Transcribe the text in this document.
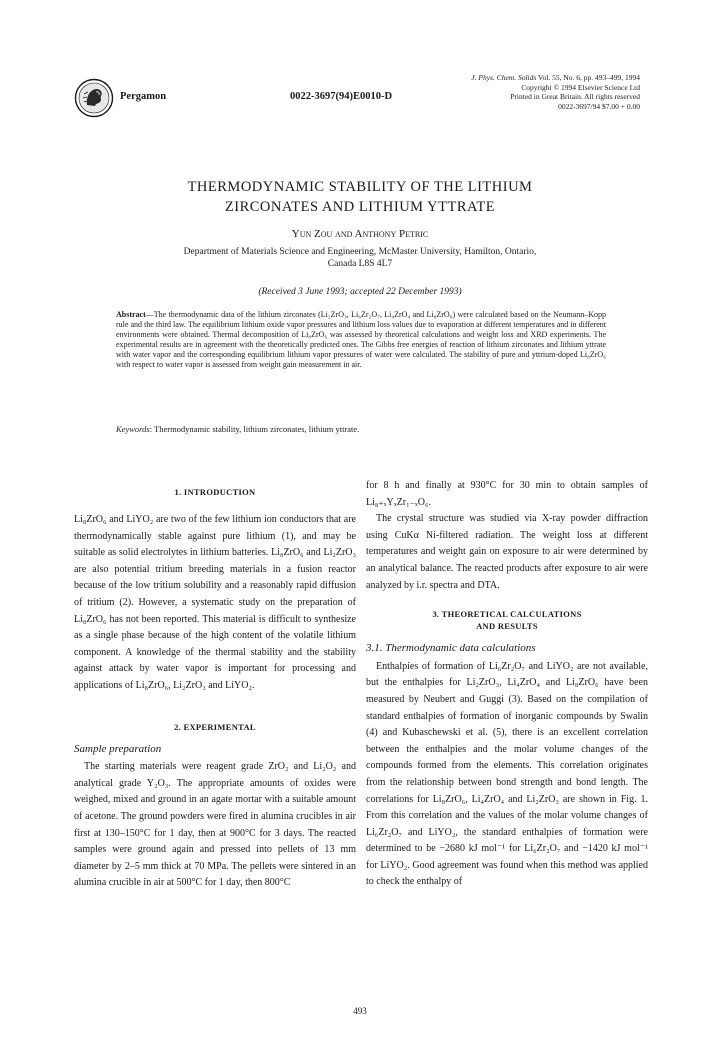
Pergamon	0022-3697(94)E0010-D
J. Phys. Chem. Solids Vol. 55, No. 6, pp. 493–499, 1994
Copyright © 1994 Elsevier Science Ltd
Printed in Great Britain. All rights reserved
0022-3697/94 $7.00 + 0.00
THERMODYNAMIC STABILITY OF THE LITHIUM
ZIRCONATES AND LITHIUM YTTRATE
Yun Zou and Anthony Petric
Department of Materials Science and Engineering, McMaster University, Hamilton, Ontario,
Canada L8S 4L7
(Received 3 June 1993; accepted 22 December 1993)
Abstract—The thermodynamic data of the lithium zirconates (Li₂ZrO₃, Li₆Zr₂O₇, Li₄ZrO₄ and Li₈ZrO₆) were calculated based on the Neumann–Kopp rule and the third law. The equilibrium lithium oxide vapor pressures and lithium loss values due to evaporation at different temperatures and in different environments were obtained. Thermal decomposition of Li₈ZrO₆ was assessed by theoretical calculations and weight loss and XRD experiments. The experimental results are in agreement with the theoretically predicted ones. The Gibbs free energies of reaction of lithium zirconates and lithium yttrate with water vapor and the corresponding equilibrium lithium vapor pressures of water were calculated. The stability of pure and yttrium-doped Li₈ZrO₆ with respect to water vapor is assessed from weight gain measurement in air.
Keywords: Thermodynamic stability, lithium zirconates, lithium yttrate.
1. INTRODUCTION

Li₈ZrO₆ and LiYO₂ are two of the few lithium ion conductors that are thermodynamically stable against pure lithium (1), and may be suitable as solid electrolytes in lithium batteries. Li₈ZrO₆ and Li₂ZrO₃ are also potential tritium breeding materials in a fusion reactor because of the low tritium solubility and a reasonably rapid diffusion of tritium (2). However, a systematic study on the preparation of Li₈ZrO₆ has not been reported. This material is difficult to synthesize as a single phase because of the high content of the volatile lithium component. A knowledge of the thermal stability and the stability against attack by water vapor is important for processing and applications of Li₈ZrO₆, Li₂ZrO₃ and LiYO₂.

2. EXPERIMENTAL
Sample preparation

The starting materials were reagent grade ZrO₂ and Li₂O₂ and analytical grade Y₂O₃. The appropriate amounts of oxides were weighed, mixed and ground in an agate mortar with a suitable amount of acetone. The ground powders were fired in alumina crucibles in air first at 130–150°C for 1 day, then at 900°C for 3 days. The reacted samples were ground again and pressed into pellets of 13 mm diameter by 2–5 mm thick at 70 MPa. The pellets were sintered in an alumina crucible in air at 500°C for 1 day, then 800°C

for 8 h and finally at 930°C for 30 min to obtain samples of Li₈₊ₓYₓZr₁₋ₓO₆.

The crystal structure was studied via X-ray powder diffraction using CuKα Ni-filtered radiation. The weight loss at different temperatures and weight gain on exposure to air were determined by an analytical balance. The reacted products after exposure to air were analyzed by i.r. spectra and DTA.

3. THEORETICAL CALCULATIONS
AND RESULTS
3.1. Thermodynamic data calculations

Enthalpies of formation of Li₆Zr₂O₇ and LiYO₂ are not available, but the enthalpies for Li₂ZrO₃, Li₄ZrO₄ and Li₈ZrO₆ have been measured by Neubert and Guggi (3). Based on the compilation of standard enthalpies of formation of inorganic compounds by Swalin (4) and Kubaschewski et al. (5), there is an excellent correlation between the enthalpies and the molar volume changes of the compounds formed from the elements. This correlation originates from the relationship between bond strength and bond length. The correlations for Li₈ZrO₆, Li₄ZrO₄ and Li₂ZrO₃ are shown in Fig. 1. From this correlation and the values of the molar volume changes of Li₆Zr₂O₇ and LiYO₂, the standard enthalpies of formation were determined to be −2680 kJ mol⁻¹ for Li₆Zr₂O₇ and −1420 kJ mol⁻¹ for LiYO₂. Good agreement was found when this method was applied to check the enthalpy of

493
